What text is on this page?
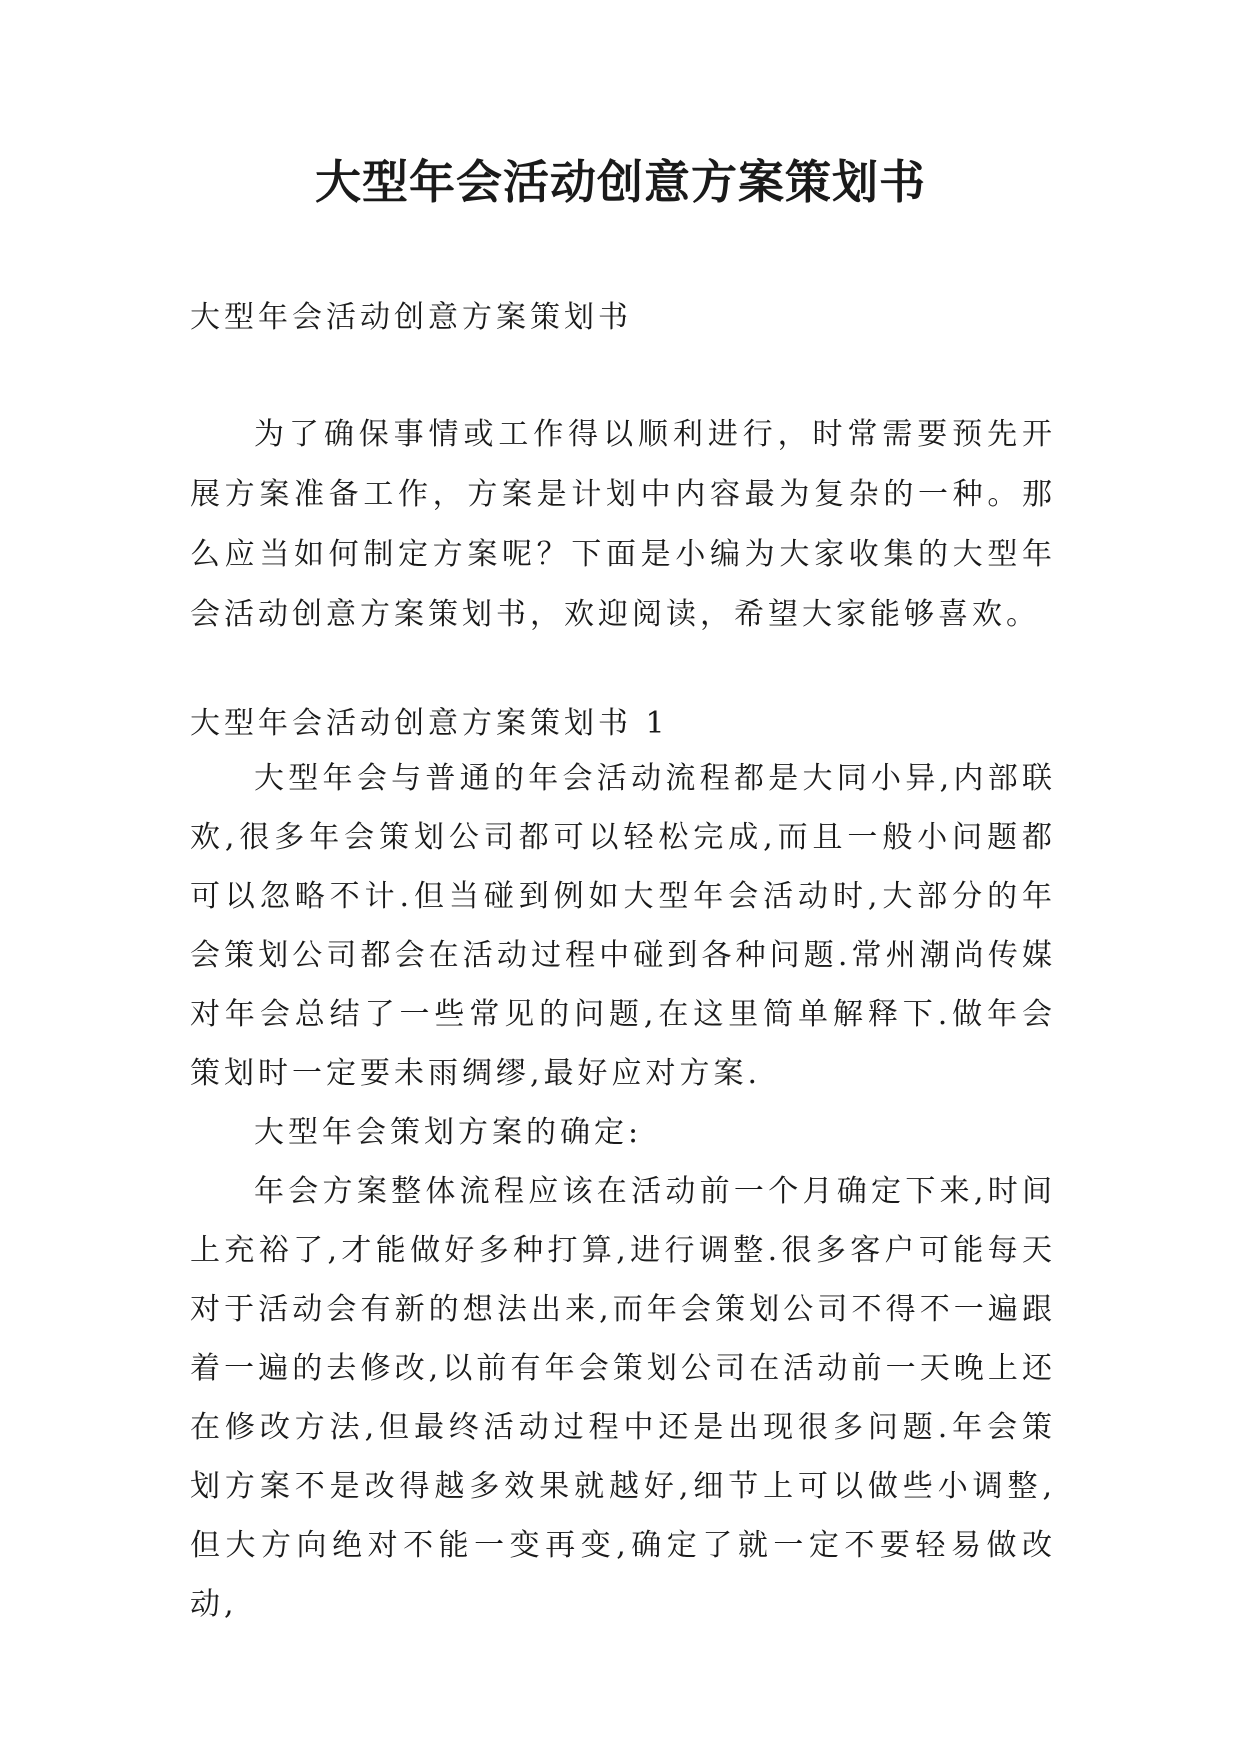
大型年会活动创意方案策划书
大型年会活动创意方案策划书

为了确保事情或工作得以顺利进行，时常需要预先开展方案准备工作，方案是计划中内容最为复杂的一种。那么应当如何制定方案呢？下面是小编为大家收集的大型年会活动创意方案策划书，欢迎阅读，希望大家能够喜欢。

大型年会活动创意方案策划书 1

大型年会与普通的年会活动流程都是大同小异,内部联欢,很多年会策划公司都可以轻松完成,而且一般小问题都可以忽略不计.但当碰到例如大型年会活动时,大部分的年会策划公司都会在活动过程中碰到各种问题.常州潮尚传媒对年会总结了一些常见的问题,在这里简单解释下.做年会策划时一定要未雨绸缪,最好应对方案.

大型年会策划方案的确定:

年会方案整体流程应该在活动前一个月确定下来,时间上充裕了,才能做好多种打算,进行调整.很多客户可能每天对于活动会有新的想法出来,而年会策划公司不得不一遍跟着一遍的去修改,以前有年会策划公司在活动前一天晚上还在修改方法,但最终活动过程中还是出现很多问题.年会策划方案不是改得越多效果就越好,细节上可以做些小调整,但大方向绝对不能一变再变,确定了就一定不要轻易做改动,
